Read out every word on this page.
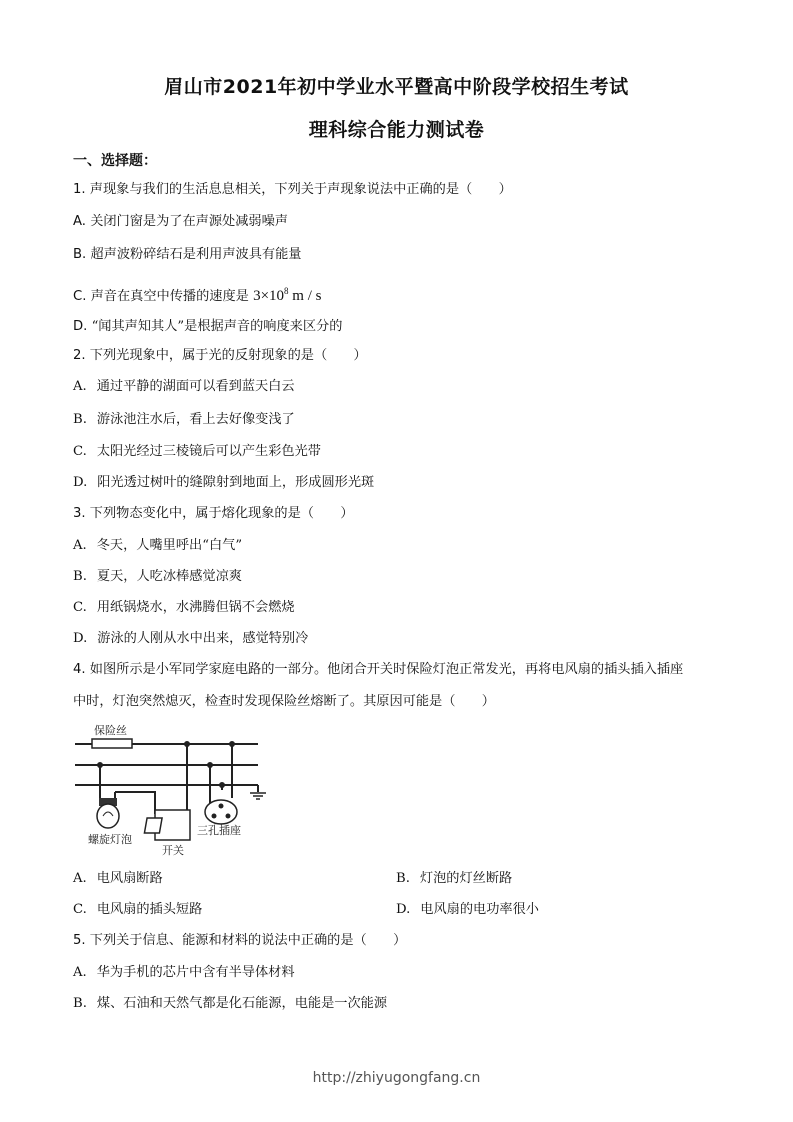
眉山市2021年初中学业水平暨高中阶段学校招生考试
理科综合能力测试卷
一、选择题：
1. 声现象与我们的生活息息相关，下列关于声现象说法中正确的是（　　）
A. 关闭门窗是为了在声源处减弱噪声
B. 超声波粉碎结石是利用声波具有能量
C. 声音在真空中传播的速度是 $3\times 10^8$ m / s
D. “闻其声知其人”是根据声音的响度来区分的
2. 下列光现象中，属于光的反射现象的是（　　）
A. 通过平静的湖面可以看到蓝天白云
B. 游泳池注水后，看上去好像变浅了
C. 太阳光经过三棱镜后可以产生彩色光带
D. 阳光透过树叶的缝隙射到地面上，形成圆形光斑
3. 下列物态变化中，属于熔化现象的是（　　）
A. 冬天，人嘴里呼出“白气”
B. 夏天，人吃冰棒感觉凉爽
C. 用纸锅烧水，水沸腾但锅不会燃烧
D. 游泳的人刚从水中出来，感觉特别冷
4. 如图所示是小军同学家庭电路的一部分。他闭合开关时保险灯泡正常发光，再将电风扇的插头插入插座
中时，灯泡突然熄灭，检查时发现保险丝熔断了。其原因可能是（　　）
保险丝
螺旋灯泡
开关
三孔插座
A. 电风扇断路	B. 灯泡的灯丝断路
C. 电风扇的插头短路	D. 电风扇的电功率很小
5. 下列关于信息、能源和材料的说法中正确的是（　　）
A. 华为手机的芯片中含有半导体材料
B. 煤、石油和天然气都是化石能源，电能是一次能源
http://zhiyugongfang.cn
